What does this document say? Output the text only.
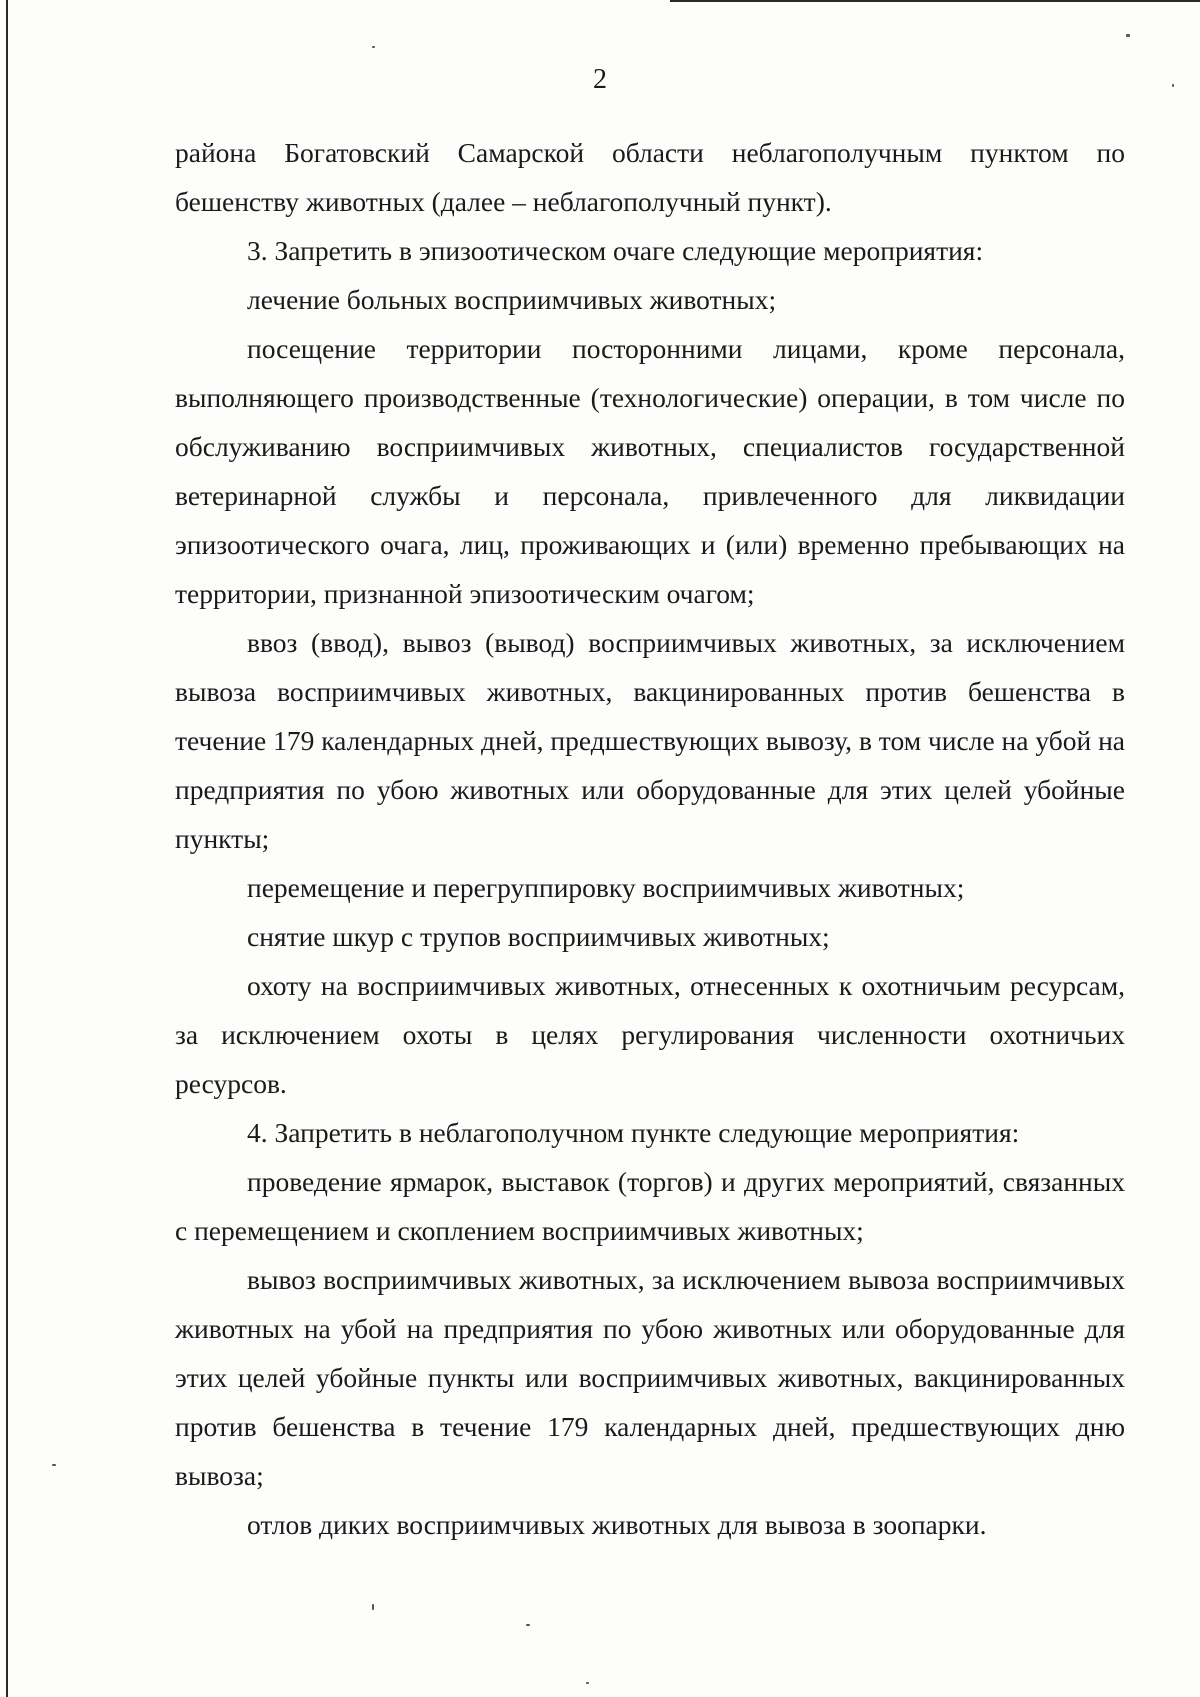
2

района Богатовский Самарской области неблагополучным пунктом по бешенству животных (далее – неблагополучный пункт).

3. Запретить в эпизоотическом очаге следующие мероприятия:

лечение больных восприимчивых животных;

посещение территории посторонними лицами, кроме персонала, выполняющего производственные (технологические) операции, в том числе по обслуживанию восприимчивых животных, специалистов государственной ветеринарной службы и персонала, привлеченного для ликвидации эпизоотического очага, лиц, проживающих и (или) временно пребывающих на территории, признанной эпизоотическим очагом;

ввоз (ввод), вывоз (вывод) восприимчивых животных, за исключением вывоза восприимчивых животных, вакцинированных против бешенства в течение 179 календарных дней, предшествующих вывозу, в том числе на убой на предприятия по убою животных или оборудованные для этих целей убойные пункты;

перемещение и перегруппировку восприимчивых животных;

снятие шкур с трупов восприимчивых животных;

охоту на восприимчивых животных, отнесенных к охотничьим ресурсам, за исключением охоты в целях регулирования численности охотничьих ресурсов.

4. Запретить в неблагополучном пункте следующие мероприятия:

проведение ярмарок, выставок (торгов) и других мероприятий, связанных с перемещением и скоплением восприимчивых животных;

вывоз восприимчивых животных, за исключением вывоза восприимчивых животных на убой на предприятия по убою животных или оборудованные для этих целей убойные пункты или восприимчивых животных, вакцинированных против бешенства в течение 179 календарных дней, предшествующих дню вывоза;

отлов диких восприимчивых животных для вывоза в зоопарки.
